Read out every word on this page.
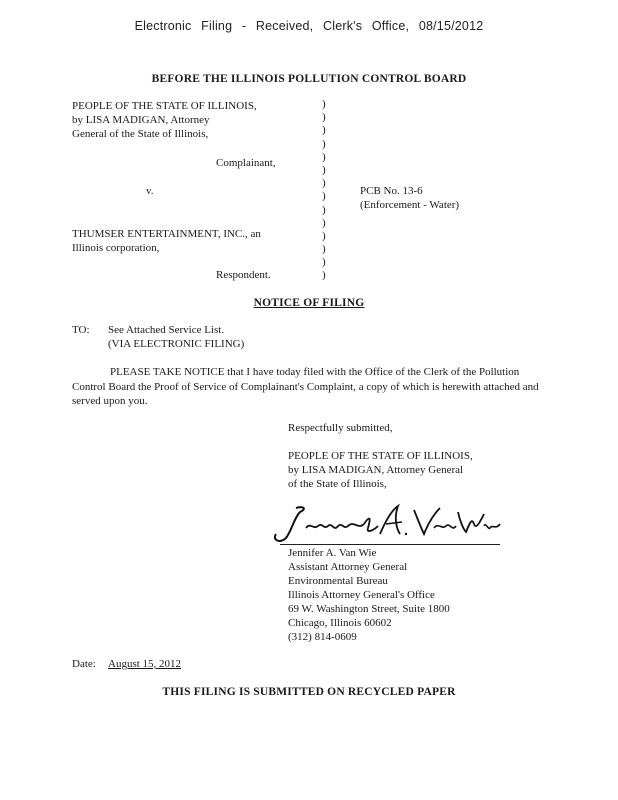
Electronic Filing - Received, Clerk's Office, 08/15/2012
BEFORE THE ILLINOIS POLLUTION CONTROL BOARD
PEOPLE OF THE STATE OF ILLINOIS,
by LISA MADIGAN, Attorney
General of the State of Illinois,
Complainant,
v.	PCB No. 13-6
(Enforcement - Water)
THUMSER ENTERTAINMENT, INC., an
Illinois corporation,
Respondent.
)
)
)
)
)
)
)
)
)
)
)
)
)
)
NOTICE OF FILING
TO: See Attached Service List.
(VIA ELECTRONIC FILING)
PLEASE TAKE NOTICE that I have today filed with the Office of the Clerk of the Pollution Control Board the Proof of Service of Complainant's Complaint, a copy of which is herewith attached and served upon you.
Respectfully submitted,
PEOPLE OF THE STATE OF ILLINOIS,
by LISA MADIGAN, Attorney General
of the State of Illinois,
Jennifer A. Van Wie
Assistant Attorney General
Environmental Bureau
Illinois Attorney General's Office
69 W. Washington Street, Suite 1800
Chicago, Illinois 60602
(312) 814-0609
Date: August 15, 2012
THIS FILING IS SUBMITTED ON RECYCLED PAPER
